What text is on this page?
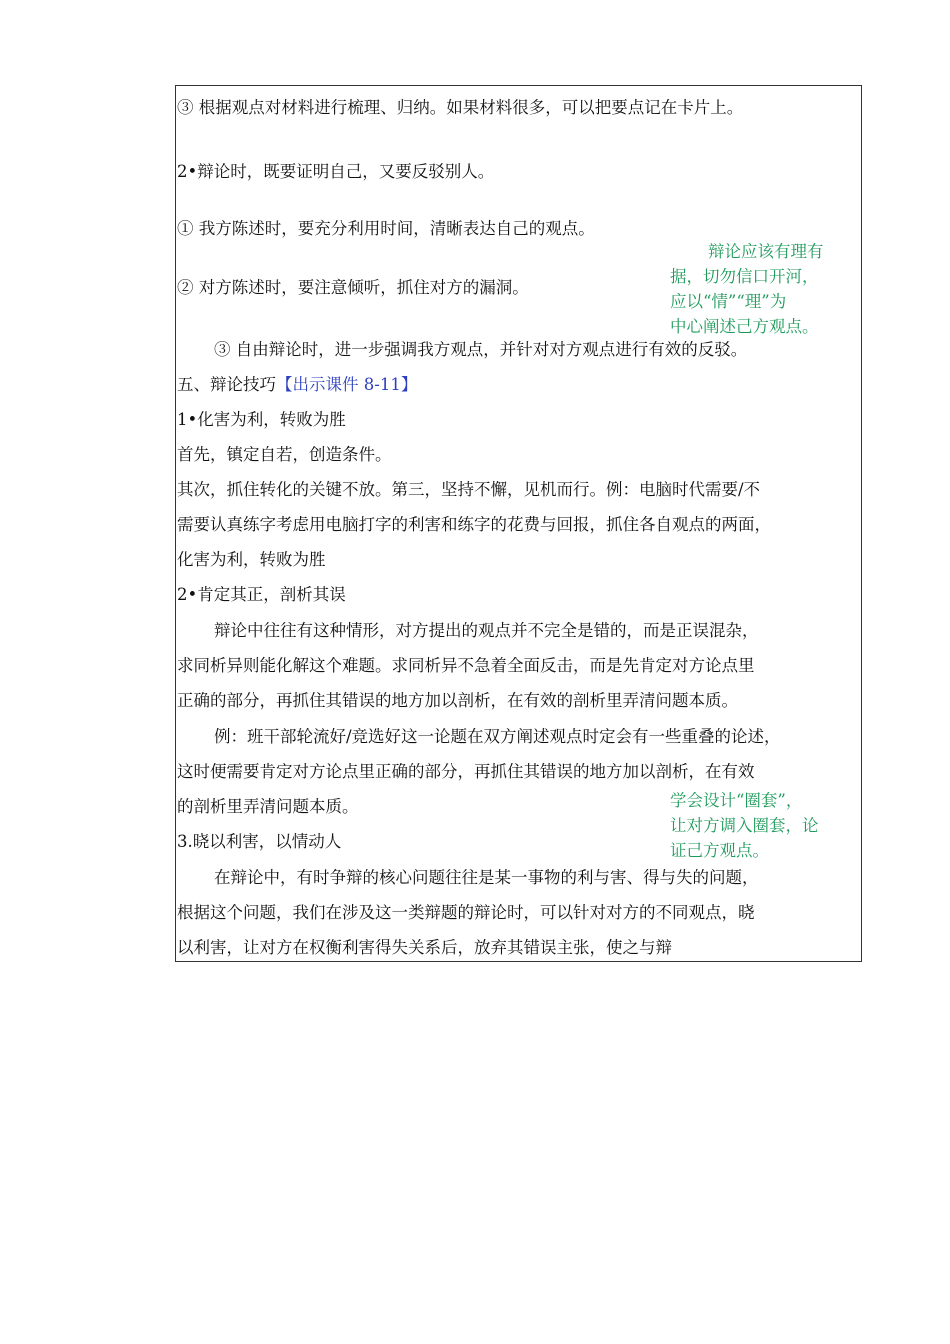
③ 根据观点对材料进行梳理、归纳。如果材料很多，可以把要点记在卡片上。
2•辩论时，既要证明自己，又要反驳别人。
① 我方陈述时，要充分利用时间，清晰表达自己的观点。
② 对方陈述时，要注意倾听，抓住对方的漏洞。
③ 自由辩论时，进一步强调我方观点，并针对对方观点进行有效的反驳。
五、辩论技巧【出示课件 8-11】
1•化害为利，转败为胜
首先，镇定自若，创造条件。
其次，抓住转化的关键不放。第三，坚持不懈，见机而行。例：电脑时代需要/不
需要认真练字考虑用电脑打字的利害和练字的花费与回报，抓住各自观点的两面，
化害为利，转败为胜
2•肯定其正，剖析其误
辩论中往往有这种情形，对方提出的观点并不完全是错的，而是正误混杂，
求同析异则能化解这个难题。求同析异不急着全面反击，而是先肯定对方论点里
正确的部分，再抓住其错误的地方加以剖析，在有效的剖析里弄清问题本质。
例：班干部轮流好/竞选好这一论题在双方阐述观点时定会有一些重叠的论述，
这时便需要肯定对方论点里正确的部分，再抓住其错误的地方加以剖析，在有效
的剖析里弄清问题本质。
3.晓以利害，以情动人
在辩论中，有时争辩的核心问题往往是某一事物的利与害、得与失的问题，
根据这个问题，我们在涉及这一类辩题的辩论时，可以针对对方的不同观点，晓
以利害，让对方在权衡利害得失关系后，放弃其错误主张，使之与辩
辩论应该有理有
据，切勿信口开河，
应以“情”“理”为
中心阐述己方观点。
学会设计“圈套”，
让对方调入圈套，论
证己方观点。
